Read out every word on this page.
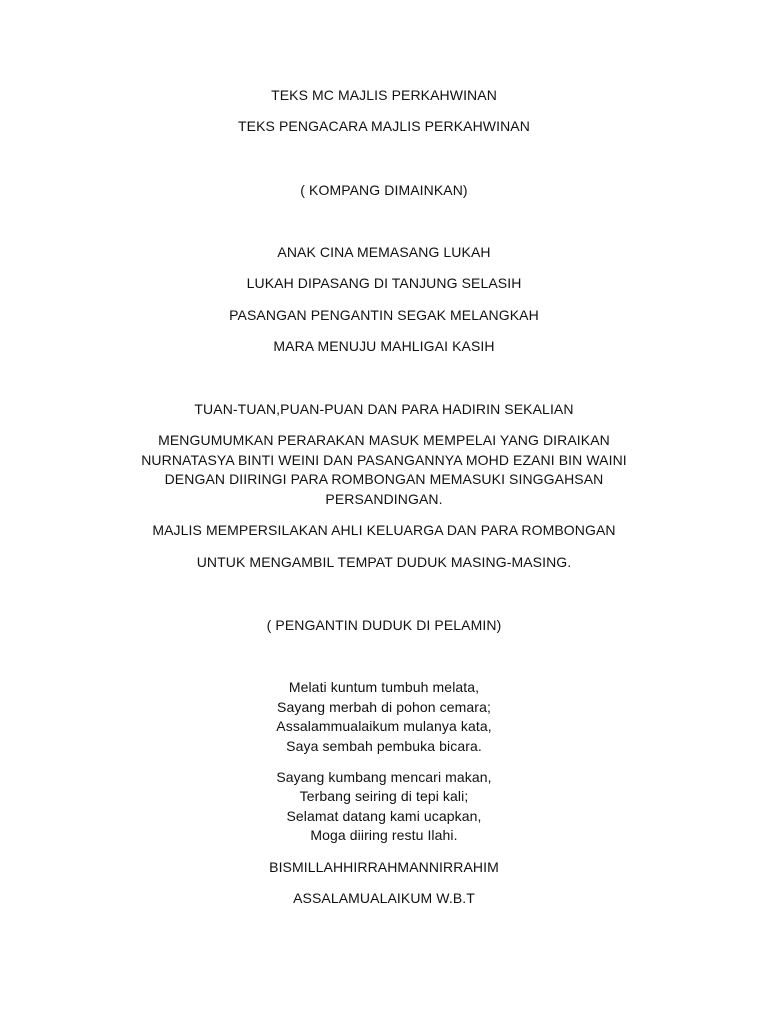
TEKS MC MAJLIS PERKAHWINAN
TEKS PENGACARA MAJLIS PERKAHWINAN
( KOMPANG DIMAINKAN)
ANAK CINA MEMASANG LUKAH
LUKAH DIPASANG DI TANJUNG SELASIH
PASANGAN PENGANTIN SEGAK MELANGKAH
MARA MENUJU MAHLIGAI KASIH
TUAN-TUAN,PUAN-PUAN DAN PARA HADIRIN SEKALIAN
MENGUMUMKAN PERARAKAN MASUK MEMPELAI YANG DIRAIKAN
NURNATASYA BINTI WEINI DAN PASANGANNYA MOHD EZANI BIN WAINI
DENGAN DIIRINGI PARA ROMBONGAN MEMASUKI SINGGAHSAN
PERSANDINGAN.
MAJLIS MEMPERSILAKAN AHLI KELUARGA DAN PARA ROMBONGAN
UNTUK MENGAMBIL TEMPAT DUDUK MASING-MASING.
( PENGANTIN DUDUK DI PELAMIN)
Melati kuntum tumbuh melata,
Sayang merbah di pohon cemara;
Assalammualaikum mulanya kata,
Saya sembah pembuka bicara.
Sayang kumbang mencari makan,
Terbang seiring di tepi kali;
Selamat datang kami ucapkan,
Moga diiring restu Ilahi.
BISMILLAHHIRRAHMANNIRRAHIM
ASSALAMUALAIKUM W.B.T
